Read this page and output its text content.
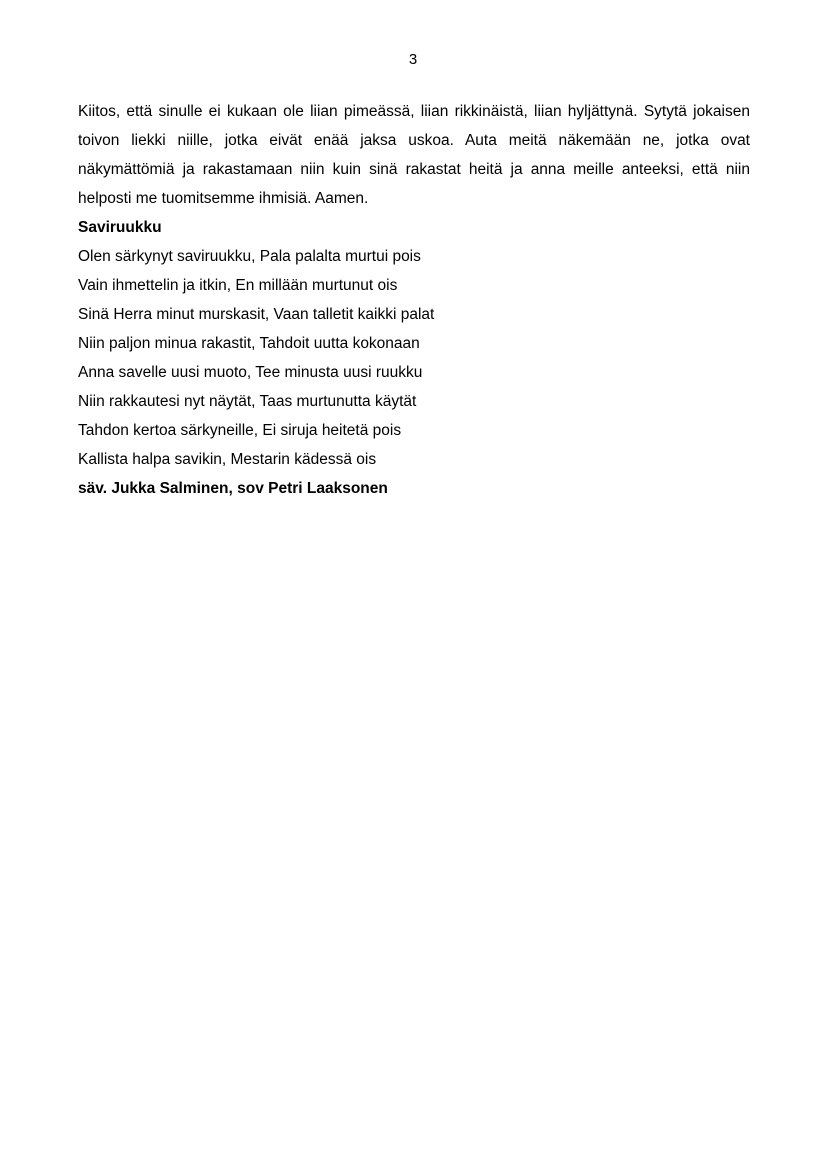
3

Kiitos, että sinulle ei kukaan ole liian pimeässä, liian rikkinäistä, liian hyljättynä. Sytytä jokaisen toivon liekki niille, jotka eivät enää jaksa uskoa. Auta meitä näkemään ne, jotka ovat näkymättömiä ja rakastamaan niin kuin sinä rakastat heitä ja anna meille anteeksi, että niin helposti me tuomitsemme ihmisiä. Aamen.

Saviruukku

Olen särkynyt saviruukku, Pala palalta murtui pois
Vain ihmettelin ja itkin, En millään murtunut ois
Sinä Herra minut murskasit, Vaan talletit kaikki palat
Niin paljon minua rakastit, Tahdoit uutta kokonaan
Anna savelle uusi muoto, Tee minusta uusi ruukku
Niin rakkautesi nyt näytät, Taas murtunutta käytät
Tahdon kertoa särkyneille, Ei siruja heitetä pois
Kallista halpa savikin, Mestarin kädessä ois

säv. Jukka Salminen, sov Petri Laaksonen
